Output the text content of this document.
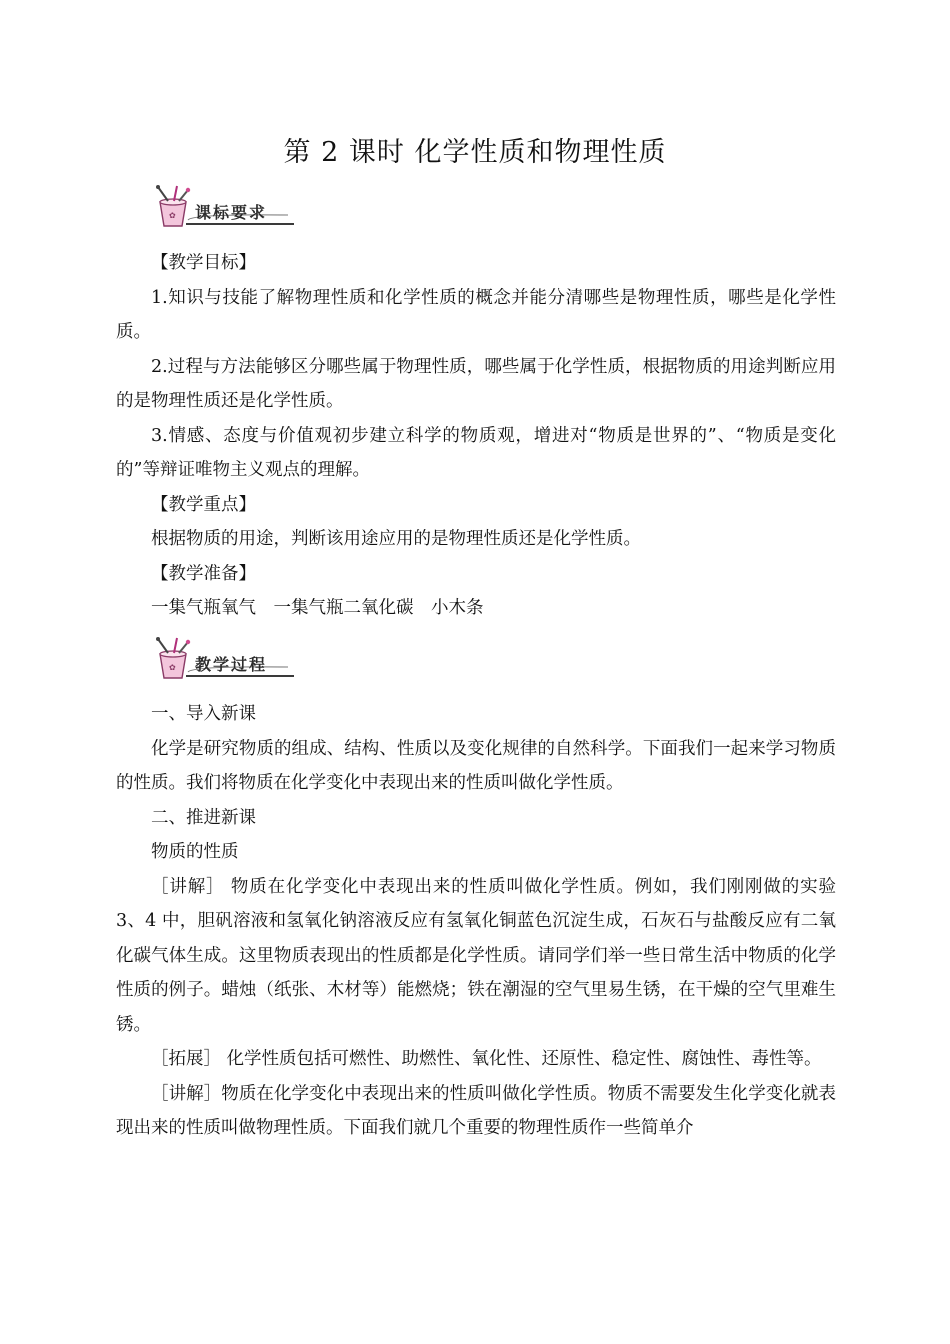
第 2 课时 化学性质和物理性质
✿ 课标要求

【教学目标】

1.知识与技能了解物理性质和化学性质的概念并能分清哪些是物理性质，哪些是化学性质。

2.过程与方法能够区分哪些属于物理性质，哪些属于化学性质，根据物质的用途判断应用的是物理性质还是化学性质。

3.情感、态度与价值观初步建立科学的物质观，增进对“物质是世界的”、“物质是变化的”等辩证唯物主义观点的理解。

【教学重点】

根据物质的用途，判断该用途应用的是物理性质还是化学性质。

【教学准备】

一集气瓶氧气　一集气瓶二氧化碳　小木条

✿ 教学过程

一、导入新课

化学是研究物质的组成、结构、性质以及变化规律的自然科学。下面我们一起来学习物质的性质。我们将物质在化学变化中表现出来的性质叫做化学性质。

二、推进新课

物质的性质

［讲解］ 物质在化学变化中表现出来的性质叫做化学性质。例如，我们刚刚做的实验 3、4 中，胆矾溶液和氢氧化钠溶液反应有氢氧化铜蓝色沉淀生成，石灰石与盐酸反应有二氧化碳气体生成。这里物质表现出的性质都是化学性质。请同学们举一些日常生活中物质的化学性质的例子。蜡烛（纸张、木材等）能燃烧；铁在潮湿的空气里易生锈，在干燥的空气里难生锈。

［拓展］ 化学性质包括可燃性、助燃性、氧化性、还原性、稳定性、腐蚀性、毒性等。

［讲解］物质在化学变化中表现出来的性质叫做化学性质。物质不需要发生化学变化就表现出来的性质叫做物理性质。下面我们就几个重要的物理性质作一些简单介
